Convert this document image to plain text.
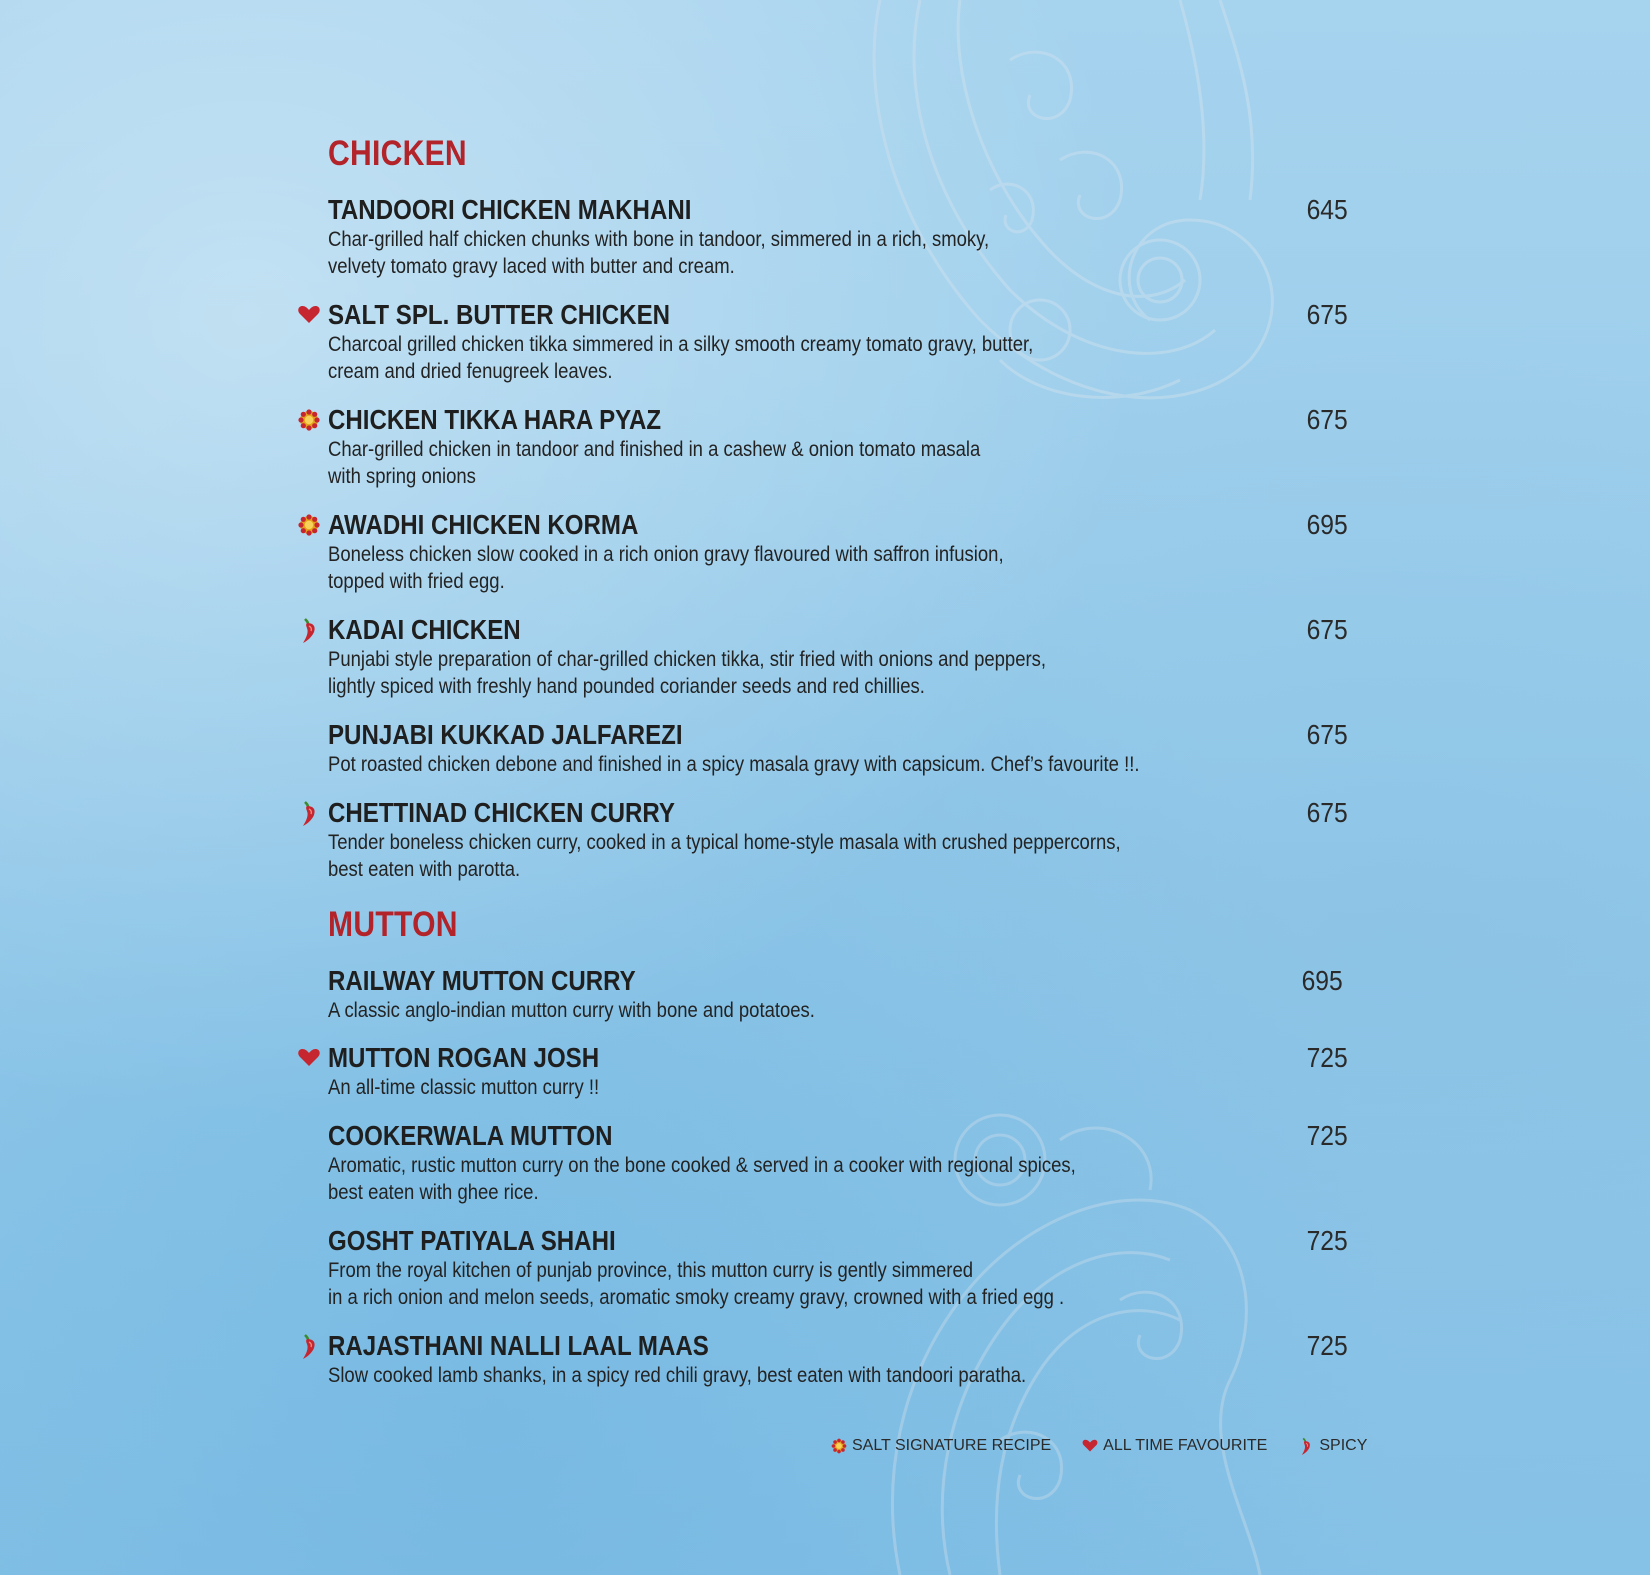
CHICKEN
TANDOORI CHICKEN MAKHANI
Char-grilled half chicken chunks with bone in tandoor, simmered in a rich, smoky,
velvety tomato gravy laced with butter and cream.
645
SALT SPL. BUTTER CHICKEN
Charcoal grilled chicken tikka simmered in a silky smooth creamy tomato gravy, butter,
cream and dried fenugreek leaves.
675
CHICKEN TIKKA HARA PYAZ
Char-grilled chicken in tandoor and finished in a cashew & onion tomato masala
with spring onions
675
AWADHI CHICKEN KORMA
Boneless chicken slow cooked in a rich onion gravy flavoured with saffron infusion,
topped with fried egg.
695
KADAI CHICKEN
Punjabi style preparation of char-grilled chicken tikka, stir fried with onions and peppers,
lightly spiced with freshly hand pounded coriander seeds and red chillies.
675
PUNJABI KUKKAD JALFAREZI
Pot roasted chicken debone and finished in a spicy masala gravy with capsicum. Chef’s favourite !!.
675
CHETTINAD CHICKEN CURRY
Tender boneless chicken curry, cooked in a typical home-style masala with crushed peppercorns,
best eaten with parotta.
675
MUTTON
RAILWAY MUTTON CURRY
A classic anglo-indian mutton curry with bone and potatoes.
695
MUTTON ROGAN JOSH
An all-time classic mutton curry !!
725
COOKERWALA MUTTON
Aromatic, rustic mutton curry on the bone cooked & served in a cooker with regional spices,
best eaten with ghee rice.
725
GOSHT PATIYALA SHAHI
From the royal kitchen of punjab province, this mutton curry is gently simmered
in a rich onion and melon seeds, aromatic smoky creamy gravy, crowned with a fried egg .
725
RAJASTHANI NALLI LAAL MAAS
Slow cooked lamb shanks, in a spicy red chili gravy, best eaten with tandoori paratha.
725
SALT SIGNATURE RECIPE	ALL TIME FAVOURITE	SPICY
